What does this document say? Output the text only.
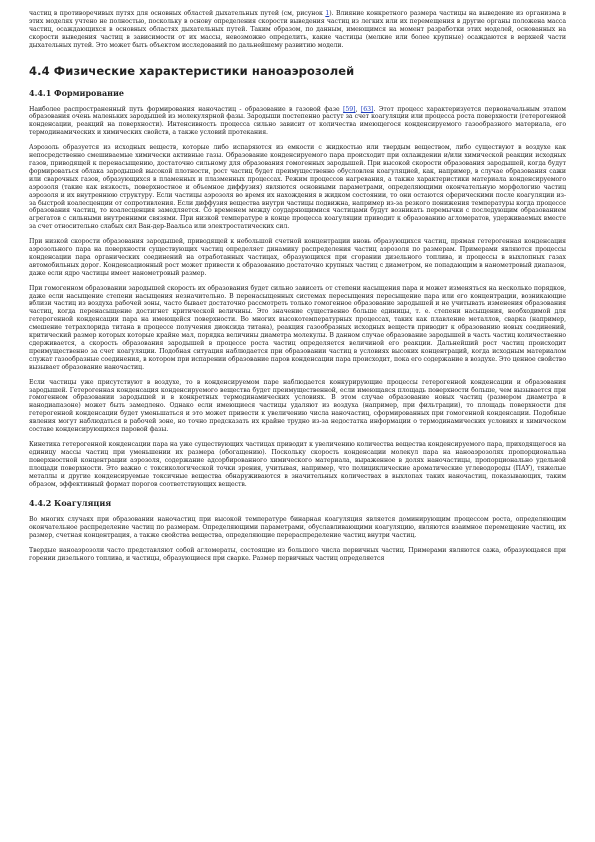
частиц в противоречивых путях для основных областей дыхательных путей (см, рисунок 1). Влияние конкретного размера частицы на выведение из организма в этих моделях учтено не полностью, поскольку в основу определения скорости выведения частиц из легких или их перемещения в другие органы положена масса частиц, осаждающихся в основных областях дыхательных путей. Таким образом, по данным, имеющимся на момент разработки этих моделей, основанных на скорости выведения частиц в зависимости от их массы, невозможно определить, какие частицы (мелкие или более крупные) осаждаются в верхней части дыхательных путей. Это может быть объектом исследований по дальнейшему развитию модели.

4.4 Физические характеристики наноаэрозолей
4.4.1 Формирование

Наиболее распространенный путь формирования наночастиц - образование в газовой фазе [59], [63]. Этот процесс характеризуется первоначальным этапом образования очень маленьких зародышей из молекулярной фазы. Зародыши постепенно растут за счет коагуляции или процесса роста поверхности (гетерогенной конденсации, реакций на поверхности). Интенсивность процесса сильно зависит от количества имеющегося конденсируемого газообразного материала, его термодинамических и химических свойств, а также условий протекания.

Аэрозоль образуется из исходных веществ, которые либо испаряются из емкости с жидкостью или твердым веществом, либо существуют в воздухе как непосредственно смешиваемые химически активные газы. Образование конденсируемого пара происходит при охлаждении и/или химической реакции исходных газов, приводящей к перенасыщению, достаточно сильному для образования гомогенных зародышей. При высокой скорости образования зародышей, когда будут формироваться облака зародышей высокой плотности, рост частиц будет преимущественно обусловлен коагуляцией, как, например, в случае образования сажи или сварочных газов, образующихся в пламенных и плазменных процессах. Режим процессов нагревания, а также характеристики материала конденсируемого аэрозоля (такие как вязкость, поверхностное и объемное диффузия) являются основными параметрами, определяющими окончательную морфологию частиц аэрозоля и их внутреннюю структуру. Если частицы аэрозоля во время их нахождения в жидком состоянии, то они остаются сферическими после коагуляции из-за быстрой коалесценции от сопротивления. Если диффузия вещества внутри частицы подвижна, например из-за резкого понижения температуры когда процессе образования частиц, то коалесценция замедляется. Со временем между соударяющимися частицами будут возникать перемычки с последующим образованием агрегатов с сильными внутренними связями. При низкой температуре в конце процесса коагуляции приводит к образованию агломератов, удерживаемых вместе за счет относительно слабых сил Ван-дер-Ваальса или электростатических сил.

При низкой скорости образования зародышей, приводящей к небольшой счетной концентрации вновь образующихся частиц, прямая гетерогенная конденсация аэрозольного пара на поверхности существующих частиц определяет динамику распределения частиц аэрозоля по размерам. Примерами являются процессы конденсации пара органических соединений на отработанных частицах, образующихся при сгорании дизельного топлива, и процессы в выхлопных газах автомобильных дорог. Конденсационный рост может привести к образованию достаточно крупных частиц с диаметром, не попадающим в нанометровый диапазон, даже если ядро частицы имеет нанометровый размер.

При гомогенном образовании зародышей скорость их образования будет сильно зависеть от степени насыщения пара и может изменяться на несколько порядков, даже если насыщение степени насыщения незначительно. В перенасыщенных системах пересыщения пересыщение пара или его концентрации, возникающие вблизи частиц из воздуха рабочей зоны, часто бывает достаточно рассмотреть только гомогенное образование зародышей и не учитывать изменения образования частиц, когда перенасыщение достигнет критической величины. Это значение существенно больше единицы, т. е. степени насыщения, необходимой для гетерогенной конденсации пара на имеющейся поверхности. Во многих высокотемпературных процессах, таких как плавление металлов, сварка (например, смешение тетрахлорида титана в процессе получения диоксида титана), реакция газообразных исходных веществ приводит к образованию новых соединений, критический размер которых которые крайне мал, порядка величины диаметра молекулы. В данном случае образование зародышей в часть частиц количественно сдерживается, а скорость образования зародышей в процессе роста частиц определяется величиной его реакции. Дальнейший рост частиц происходит преимущественно за счет коагуляции. Подобная ситуация наблюдается при образовании частиц в условиях высоких концентраций, когда исходным материалом служат газообразные соединения, в котором при испарении образование паров конденсации пара происходит, пока его содержание в воздухе. Это ценное свойство вызывает образование наночастиц.

Если частицы уже присутствуют в воздухе, то в конденсируемом паре наблюдается конкурирующие процессы гетерогенной конденсации и образования зародышей. Гетерогенная конденсация конденсируемого вещества будет преимущественной, если имеющаяся площадь поверхности больше, чем вызывается при гомогенном образовании зародышей и в конкретных термодинамических условиях. В этом случае образование новых частиц (размером диаметра в нанодиапазоне) может быть замедлено. Однако если имеющиеся частицы удаляют из воздуха (например, при фильтрации), то площадь поверхности для гетерогенной конденсации будет уменьшаться и это может привести к увеличению числа наночастиц, сформированных при гомогенной конденсации. Подобные явления могут наблюдаться в рабочей зоне, но точно предсказать их крайне трудно из-за недостатка информации о термодинамических условиях и химическом составе конденсирующихся паровой фазы.

Кинетика гетерогенной конденсации пара на уже существующих частицах приводит к увеличению количества вещества конденсируемого пара, приходящегося на единицу массы частиц при уменьшении их размера (обогащению). Поскольку скорость конденсации молекул пара на наноаэрозолях пропорциональна поверхностной концентрации аэрозоля, содержание адсорбированного химического материала, выраженное в долях наночастицы, пропорционально удельной площади поверхности. Это важно с токсикологической точки зрения, учитывая, например, что полициклические ароматические углеводороды (ПАУ), тяжелые металлы и другие конденсируемые токсичные вещества обнаруживаются в значительных количествах в выхлопах таких наночастиц, показывающих, таким образом, эффективный формат порогов соответствующих веществ.

4.4.2 Коагуляция

Во многих случаях при образовании наночастиц при высокой температуре бинарная коагуляция является доминирующим процессом роста, определяющим окончательное распределение частиц по размерам. Определяющими параметрами, обуславливающими коагуляцию, являются взаимное перемещение частиц, их размер, счетная концентрация, а также свойства вещества, определяющие перераспределение частиц внутри частиц.

Твердые наноаэрозоли часто представляют собой агломераты, состоящие из большого числа первичных частиц. Примерами являются сажа, образующаяся при горении дизельного топлива, и частицы, образующиеся при сварке. Размер первичных частиц определяется
